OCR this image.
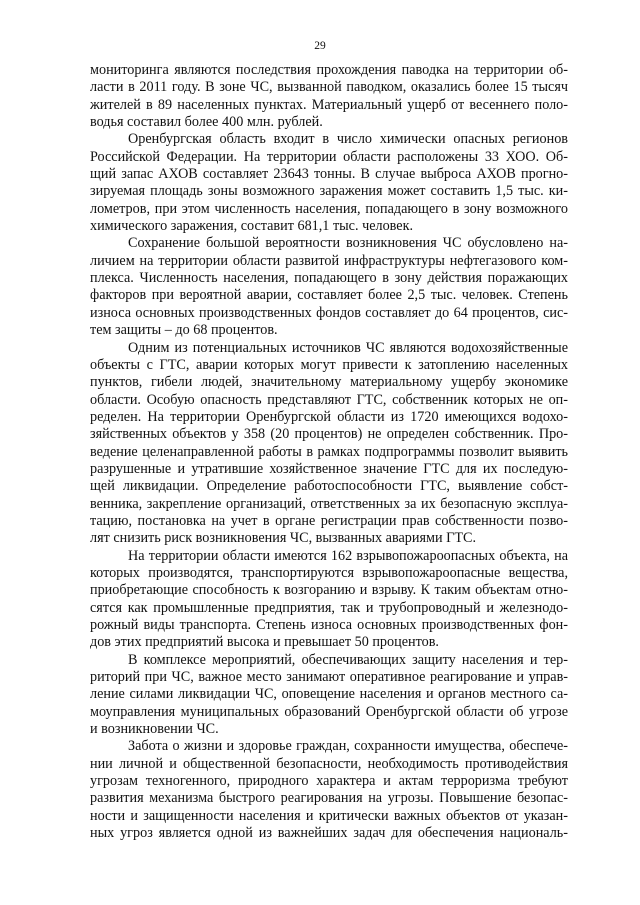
29
мониторинга являются последствия прохождения паводка на территории об-
ласти в 2011 году. В зоне ЧС, вызванной паводком, оказались более 15 тысяч
жителей в 89 населенных пунктах. Материальный ущерб от весеннего поло-
водья составил более 400 млн. рублей.
Оренбургская область входит в число химически опасных регионов
Российской Федерации. На территории области расположены 33 ХОО. Об-
щий запас АХОВ составляет 23643 тонны. В случае выброса АХОВ прогно-
зируемая площадь зоны возможного заражения может составить 1,5 тыс. ки-
лометров, при этом численность населения, попадающего в зону возможного
химического заражения, составит 681,1 тыс. человек.
Сохранение большой вероятности возникновения ЧС обусловлено на-
личием на территории области развитой инфраструктуры нефтегазового ком-
плекса. Численность населения, попадающего в зону действия поражающих
факторов при вероятной аварии, составляет более 2,5 тыс. человек. Степень
износа основных производственных фондов составляет до 64 процентов, сис-
тем защиты – до 68 процентов.
Одним из потенциальных источников ЧС являются водохозяйственные
объекты с ГТС, аварии которых могут привести к затоплению населенных
пунктов, гибели людей, значительному материальному ущербу экономике
области. Особую опасность представляют ГТС, собственник которых не оп-
ределен. На территории Оренбургской области из 1720 имеющихся водохо-
зяйственных объектов у 358 (20 процентов) не определен собственник. Про-
ведение целенаправленной работы в рамках подпрограммы позволит выявить
разрушенные и утратившие хозяйственное значение ГТС для их последую-
щей ликвидации. Определение работоспособности ГТС, выявление собст-
венника, закрепление организаций, ответственных за их безопасную эксплуа-
тацию, постановка на учет в органе регистрации прав собственности позво-
лят снизить риск возникновения ЧС, вызванных авариями ГТС.
На территории области имеются 162 взрывопожароопасных объекта, на
которых производятся, транспортируются взрывопожароопасные вещества,
приобретающие способность к возгоранию и взрыву. К таким объектам отно-
сятся как промышленные предприятия, так и трубопроводный и железнодо-
рожный виды транспорта. Степень износа основных производственных фон-
дов этих предприятий высока и превышает 50 процентов.
В комплексе мероприятий, обеспечивающих защиту населения и тер-
риторий при ЧС, важное место занимают оперативное реагирование и управ-
ление силами ликвидации ЧС, оповещение населения и органов местного са-
моуправления муниципальных образований Оренбургской области об угрозе
и возникновении ЧС.
Забота о жизни и здоровье граждан, сохранности имущества, обеспече-
нии личной и общественной безопасности, необходимость противодействия
угрозам техногенного, природного характера и актам терроризма требуют
развития механизма быстрого реагирования на угрозы. Повышение безопас-
ности и защищенности населения и критически важных объектов от указан-
ных угроз является одной из важнейших задач для обеспечения националь-
